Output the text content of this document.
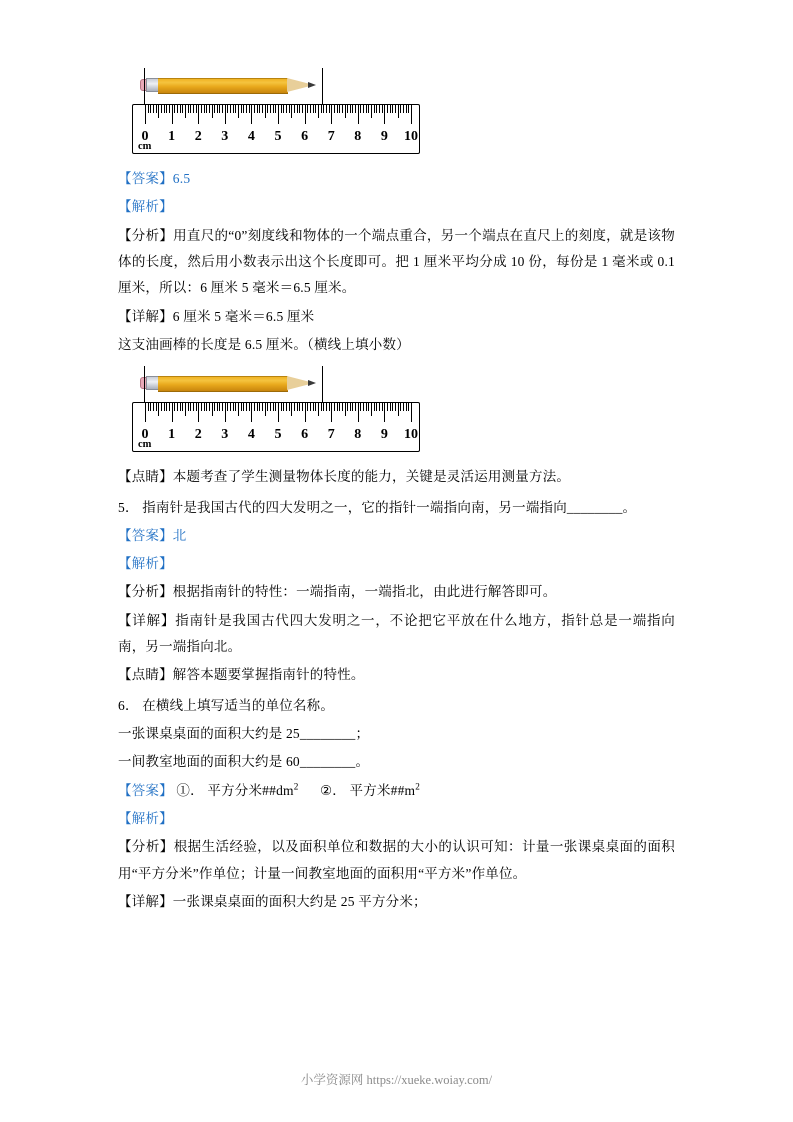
0 1 2 3 4 5 6 7 8 9 10
cm

【答案】6.5

【解析】

【分析】用直尺的“0”刻度线和物体的一个端点重合，另一个端点在直尺上的刻度，就是该物体的长度，然后用小数表示出这个长度即可。把 1 厘米平均分成 10 份，每份是 1 毫米或 0.1 厘米，所以：6 厘米 5 毫米＝6.5 厘米。

【详解】6 厘米 5 毫米＝6.5 厘米

这支油画棒的长度是 6.5 厘米。（横线上填小数）

0 1 2 3 4 5 6 7 8 9 10
cm

【点睛】本题考查了学生测量物体长度的能力，关键是灵活运用测量方法。

5． 指南针是我国古代的四大发明之一，它的指针一端指向南，另一端指向________。

【答案】北

【解析】

【分析】根据指南针的特性：一端指南，一端指北，由此进行解答即可。

【详解】指南针是我国古代四大发明之一，不论把它平放在什么地方，指针总是一端指向南，另一端指向北。

【点睛】解答本题要掌握指南针的特性。

6． 在横线上填写适当的单位名称。

一张课桌桌面的面积大约是 25________；

一间教室地面的面积大约是 60________。

【答案】 ①． 平方分米$\#\#dm^2$ ②． 平方米$\#\#m^2$

【解析】

【分析】根据生活经验，以及面积单位和数据的大小的认识可知：计量一张课桌桌面的面积用“平方分米”作单位；计量一间教室地面的面积用“平方米”作单位。

【详解】一张课桌桌面的面积大约是 25 平方分米；

小学资源网 https://xueke.woiay.com/
